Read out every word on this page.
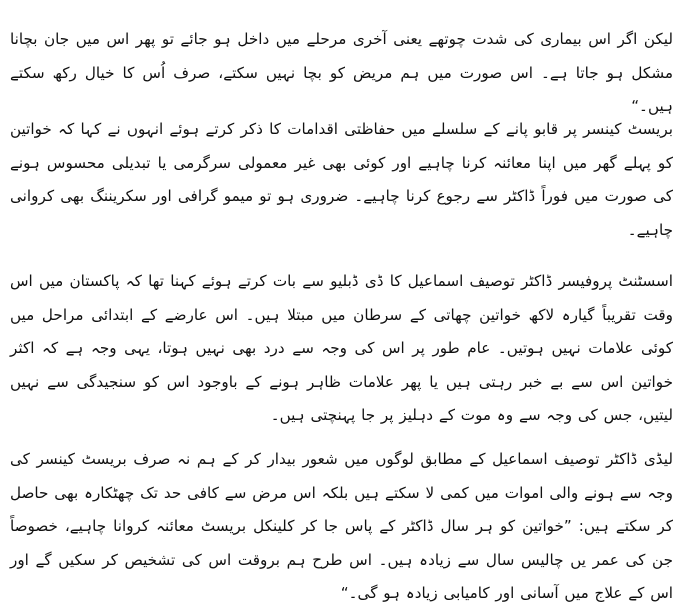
لیکن اگر اس بیماری کی شدت چوتھے یعنی آخری مرحلے میں داخل ہو جائے تو پھر اس میں جان بچانا مشکل ہو جاتا ہے۔ اس صورت میں ہم مریض کو بچا نہیں سکتے، صرف اُس کا خیال رکھ سکتے ہیں۔“

بریسٹ کینسر پر قابو پانے کے سلسلے میں حفاظتی اقدامات کا ذکر کرتے ہوئے انہوں نے کہا کہ خواتین کو پہلے گھر میں اپنا معائنہ کرنا چاہیے اور کوئی بھی غیر معمولی سرگرمی یا تبدیلی محسوس ہونے کی صورت میں فوراً ڈاکٹر سے رجوع کرنا چاہیے۔ ضروری ہو تو میمو گرافی اور سکریننگ بھی کروانی چاہیے۔

اسسٹنٹ پروفیسر ڈاکٹر توصیف اسماعیل کا ڈی ڈبلیو سے بات کرتے ہوئے کہنا تھا کہ پاکستان میں اس وقت تقریباً گیارہ لاکھ خواتین چھاتی کے سرطان میں مبتلا ہیں۔ اس عارضے کے ابتدائی مراحل میں کوئی علامات نہیں ہوتیں۔ عام طور پر اس کی وجہ سے درد بھی نہیں ہوتا، یہی وجہ ہے کہ اکثر خواتین اس سے بے خبر رہتی ہیں یا پھر علامات ظاہر ہونے کے باوجود اس کو سنجیدگی سے نہیں لیتیں، جس کی وجہ سے وہ موت کے دہلیز پر جا پہنچتی ہیں۔

لیڈی ڈاکٹر توصیف اسماعیل کے مطابق لوگوں میں شعور بیدار کر کے ہم نہ صرف بریسٹ کینسر کی وجہ سے ہونے والی اموات میں کمی لا سکتے ہیں بلکہ اس مرض سے کافی حد تک چھٹکارہ بھی حاصل کر سکتے ہیں: ”خواتین کو ہر سال ڈاکٹر کے پاس جا کر کلینکل بریسٹ معائنہ کروانا چاہیے، خصوصاً جن کی عمر یں چالیس سال سے زیادہ ہیں۔ اس طرح ہم بروقت اس کی تشخیص کر سکیں گے اور اس کے علاج میں آسانی اور کامیابی زیادہ ہو گی۔“
